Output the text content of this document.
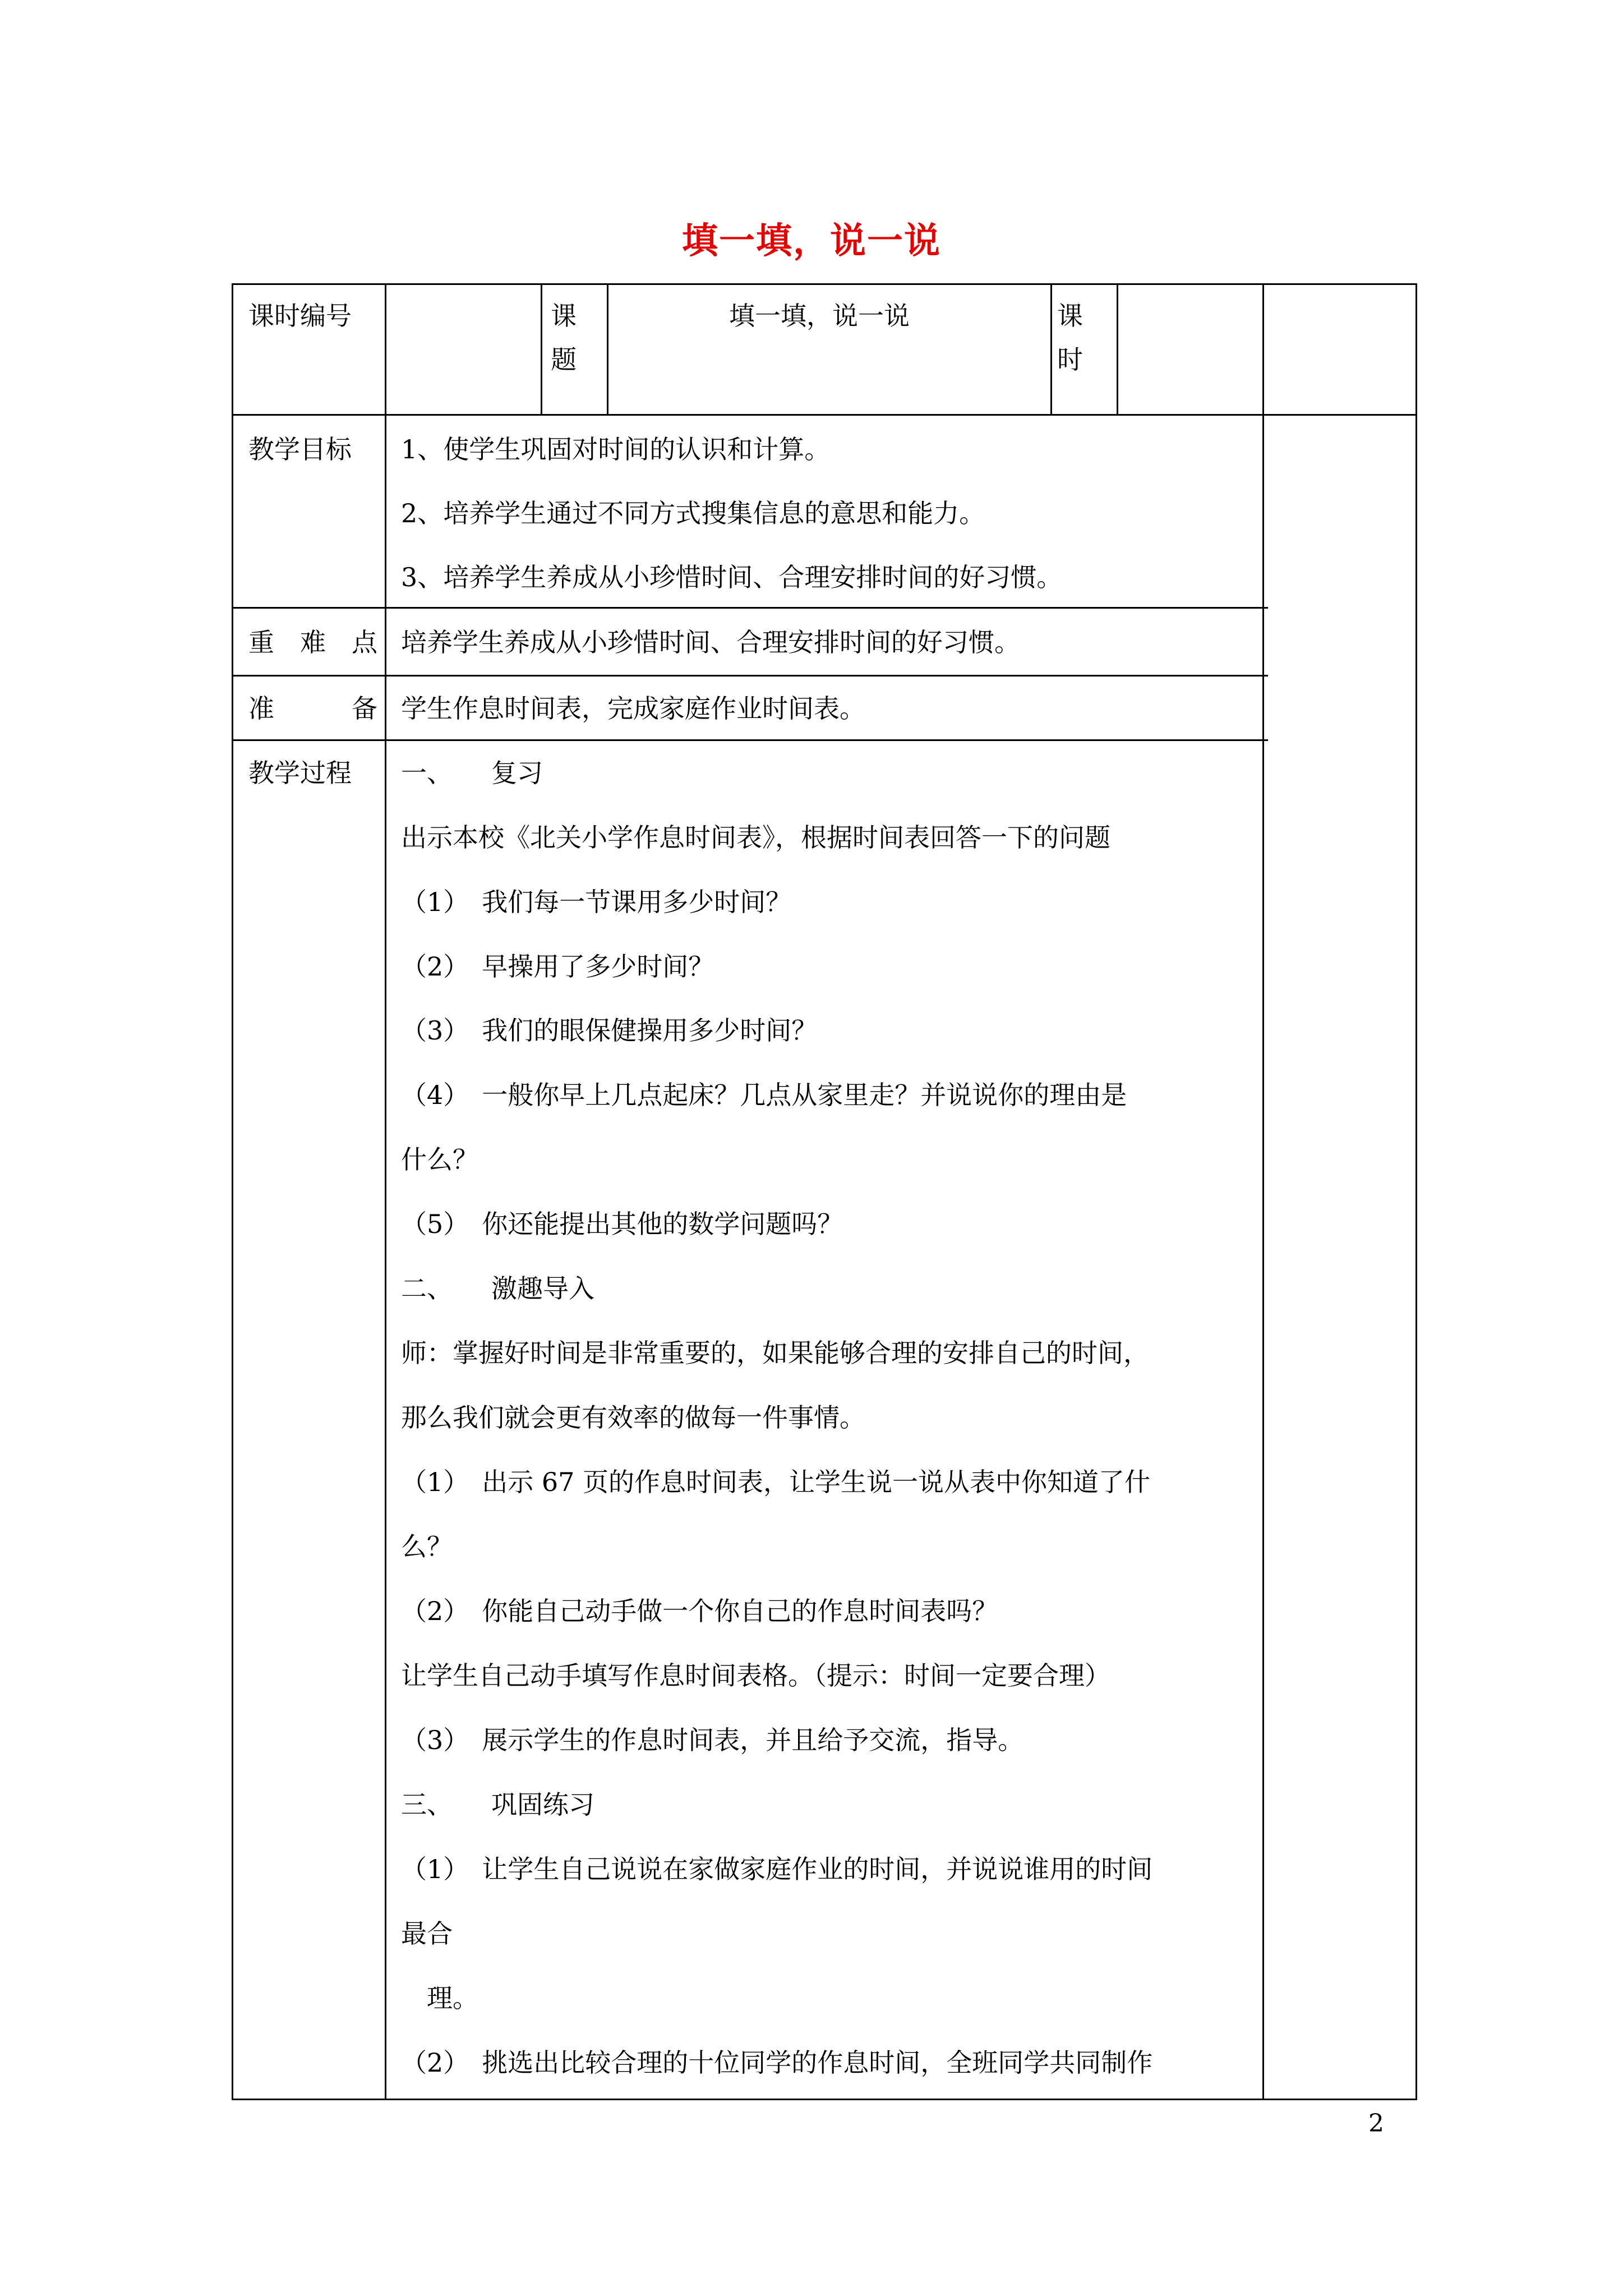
填一填，说一说
课时编号	课
题
填一填，说一说	课
时
教学目标 1、使学生巩固对时间的认识和计算。
2、培养学生通过不同方式搜集信息的意思和能力。
3、培养学生养成从小珍惜时间、合理安排时间的好习惯。
重　难　点 培养学生养成从小珍惜时间、合理安排时间的好习惯。
准　　　备 学生作息时间表，完成家庭作业时间表。
教学过程 一、　　复习
出示本校《北关小学作息时间表》，根据时间表回答一下的问题
（1）　我们每一节课用多少时间？
（2）　早操用了多少时间？
（3）　我们的眼保健操用多少时间？
（4）　一般你早上几点起床？几点从家里走？并说说你的理由是
什么？
（5）　你还能提出其他的数学问题吗？
二、　　激趣导入
师：掌握好时间是非常重要的，如果能够合理的安排自己的时间，
那么我们就会更有效率的做每一件事情。
（1）　出示 67 页的作息时间表，让学生说一说从表中你知道了什
么？
（2）　你能自己动手做一个你自己的作息时间表吗？
让学生自己动手填写作息时间表格。（提示：时间一定要合理）
（3）　展示学生的作息时间表，并且给予交流，指导。
三、　　巩固练习
（1）　让学生自己说说在家做家庭作业的时间，并说说谁用的时间
最合
　理。
（2）　挑选出比较合理的十位同学的作息时间，全班同学共同制作
2
